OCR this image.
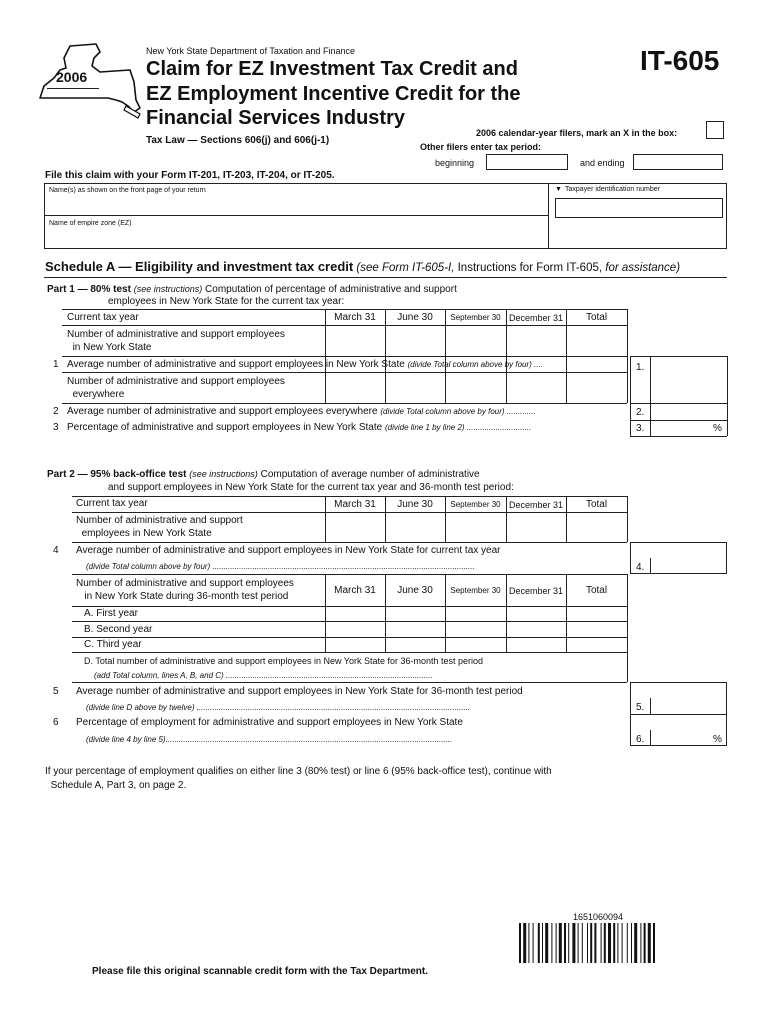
2006
New York State Department of Taxation and Finance
Claim for EZ Investment Tax Credit and
EZ Employment Incentive Credit for the
Financial Services Industry
IT-605
Tax Law — Sections 606(j) and 606(j-1)
2006 calendar-year filers, mark an X in the box:
Other filers enter tax period:
beginning	and ending
File this claim with your Form IT-201, IT-203, IT-204, or IT-205.
Name(s) as shown on the front page of your return	▼ Taxpayer identification number
Name of empire zone (EZ)
Schedule A — Eligibility and investment tax credit (see Form IT-605-I, Instructions for Form IT-605, for assistance)
Part 1 — 80% test (see instructions) Computation of percentage of administrative and support
employees in New York State for the current tax year:
Current tax year	March 31	June 30	September 30 December 31	Total
Number of administrative and support employees
in New York State
1 Average number of administrative and support employees in New York State (divide Total column above by four) ....	1.
Number of administrative and support employees
everywhere
2 Average number of administrative and support employees everywhere (divide Total column above by four) .............	2.
3 Percentage of administrative and support employees in New York State (divide line 1 by line 2) .............................	3.	%
Part 2 — 95% back-office test (see instructions) Computation of average number of administrative
and support employees in New York State for the current tax year and 36-month test period:
Current tax year	March 31	June 30	September 30 December 31	Total
Number of administrative and support
employees in New York State
4 Average number of administrative and support employees in New York State for current tax year
(divide Total column above by four) ......................................................................................................................	4.
Number of administrative and support employees
in New York State during 36-month test period
March 31	June 30	September 30 December 31	Total
A. First year
B. Second year
C. Third year
D. Total number of administrative and support employees in New York State for 36-month test period
(add Total column, lines A, B, and C) .............................................................................................
5 Average number of administrative and support employees in New York State for 36-month test period
(divide line D above by twelve) ...........................................................................................................................	5.
6 Percentage of employment for administrative and support employees in New York State
(divide line 4 by line 5).................................................................................................................................	6.	%
If your percentage of employment qualifies on either line 3 (80% test) or line 6 (95% back-office test), continue with
Schedule A, Part 3, on page 2.
1651060094
Please file this original scannable credit form with the Tax Department.
